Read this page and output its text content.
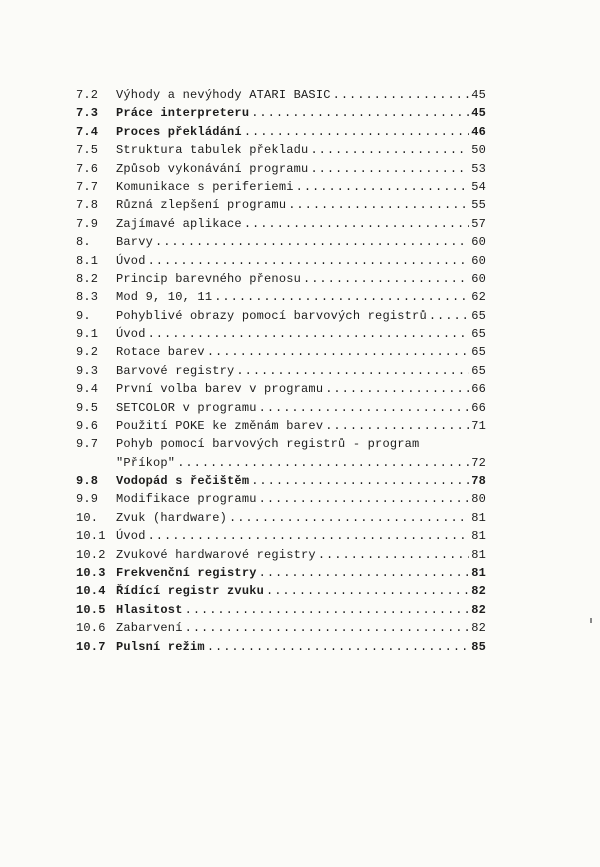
7.2	Výhody a nevýhody ATARI BASIC .....	45
7.3	Práce interpreteru .....	45
7.4	Proces překládání .....	46
7.5	Struktura tabulek překladu .....	50
7.6	Způsob vykonávání programu .....	53
7.7	Komunikace s periferiemi .....	54
7.8	Různá zlepšení programu .....	55
7.9	Zajímavé aplikace .....	57
8.	Barvy .....	60
8.1	Úvod .....	60
8.2	Princip barevného přenosu .....	60
8.3	Mod 9, 10, 11 .....	62
9.	Pohyblivé obrazy pomocí barvových registrů .....	65
9.1	Úvod .....	65
9.2	Rotace barev .....	65
9.3	Barvové registry .....	65
9.4	První volba barev v programu .....	66
9.5	SETCOLOR v programu .....	66
9.6	Použití POKE ke změnám barev .....	71
9.7	Pohyb pomocí barvových registrů - program
"Příkop" .....	72
9.8	Vodopád s řečištěm .....	78
9.9	Modifikace programu .....	80
10.	Zvuk (hardware) .....	81
10.1 Úvod .....	81
10.2 Zvukové hardwarové registry .....	81
10.3 Frekvenční registry .....	81
10.4 Řídící registr zvuku .....	82
10.5 Hlasitost .....	82
10.6 Zabarvení .....	82
10.7 Pulsní režim .....	85
